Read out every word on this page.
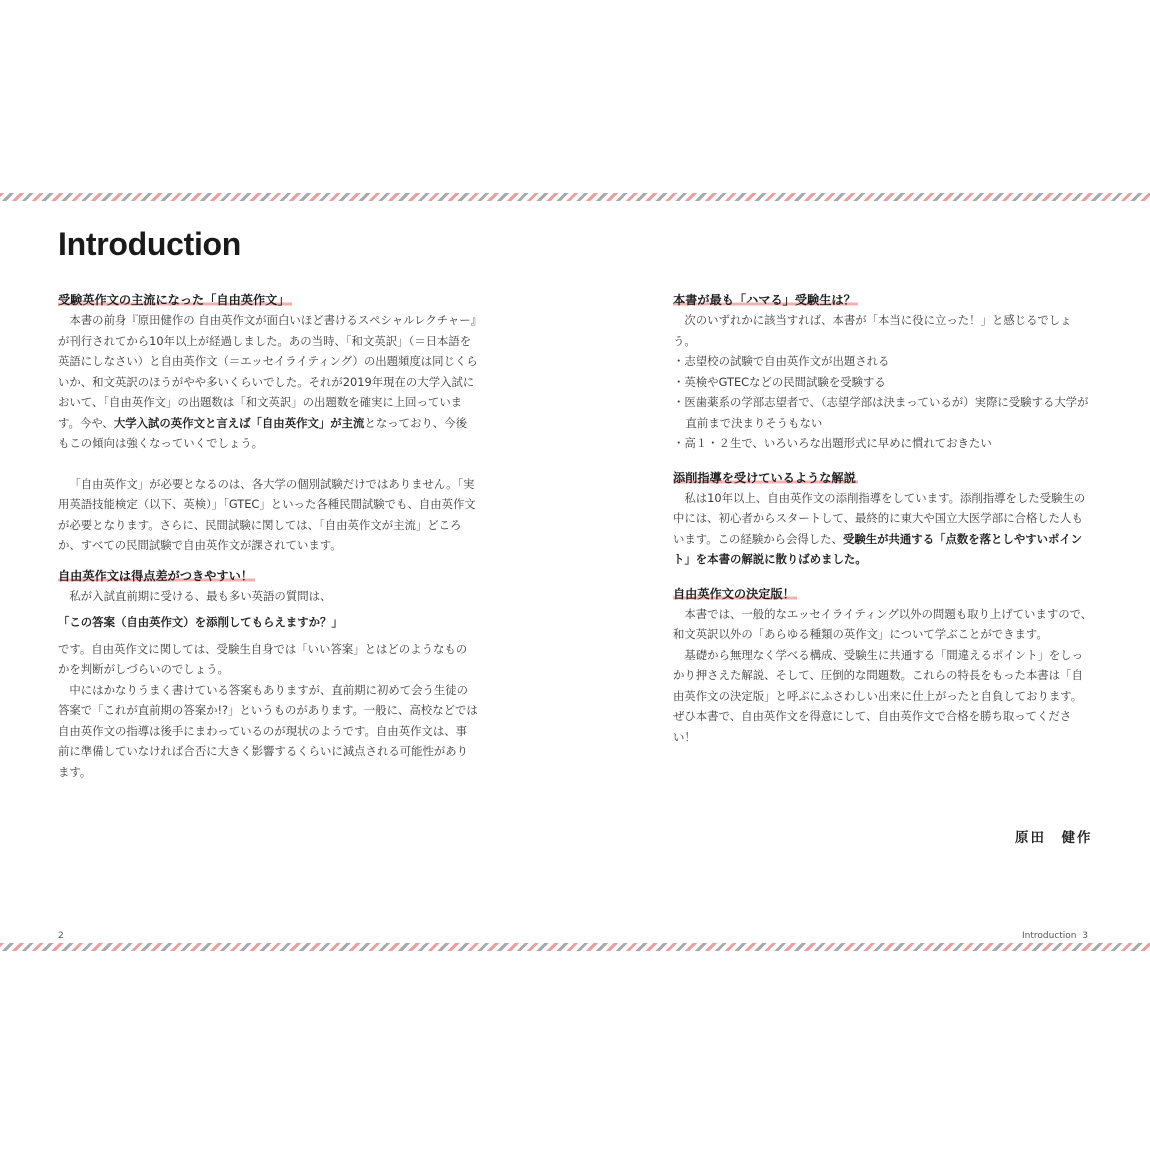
Introduction

受験英作文の主流になった「自由英作文」

本書の前身『原田健作の 自由英作文が面白いほど書けるスペシャルレクチャー』が刊行されてから10年以上が経過しました。あの当時、「和文英訳」（＝日本語を英語にしなさい）と自由英作文（＝エッセイライティング）の出題頻度は同じくらいか、和文英訳のほうがやや多いくらいでした。それが2019年現在の大学入試において、「自由英作文」の出題数は「和文英訳」の出題数を確実に上回っています。今や、大学入試の英作文と言えば「自由英作文」が主流となっており、今後もこの傾向は強くなっていくでしょう。

「自由英作文」が必要となるのは、各大学の個別試験だけではありません。「実用英語技能検定（以下、英検）」「GTEC」といった各種民間試験でも、自由英作文が必要となります。さらに、民間試験に関しては、「自由英作文が主流」どころか、すべての民間試験で自由英作文が課されています。

自由英作文は得点差がつきやすい！

私が入試直前期に受ける、最も多い英語の質問は、

「この答案（自由英作文）を添削してもらえますか？」

です。自由英作文に関しては、受験生自身では「いい答案」とはどのようなものかを判断がしづらいのでしょう。

中にはかなりうまく書けている答案もありますが、直前期に初めて会う生徒の答案で「これが直前期の答案か!?」というものがあります。一般に、高校などでは自由英作文の指導は後手にまわっているのが現状のようです。自由英作文は、事前に準備していなければ合否に大きく影響するくらいに減点される可能性があります。

本書が最も「ハマる」受験生は？

次のいずれかに該当すれば、本書が「本当に役に立った！」と感じるでしょう。

・志望校の試験で自由英作文が出題される
・英検やGTECなどの民間試験を受験する
・医歯薬系の学部志望者で、（志望学部は決まっているが）実際に受験する大学が直前まで決まりそうもない
・高１・２生で、いろいろな出題形式に早めに慣れておきたい

添削指導を受けているような解説

私は10年以上、自由英作文の添削指導をしています。添削指導をした受験生の中には、初心者からスタートして、最終的に東大や国立大医学部に合格した人もいます。この経験から会得した、受験生が共通する「点数を落としやすいポイント」を本書の解説に散りばめました。

自由英作文の決定版！

本書では、一般的なエッセイライティング以外の問題も取り上げていますので、和文英訳以外の「あらゆる種類の英作文」について学ぶことができます。

基礎から無理なく学べる構成、受験生に共通する「間違えるポイント」をしっかり押さえた解説、そして、圧倒的な問題数。これらの特長をもった本書は「自由英作文の決定版」と呼ぶにふさわしい出来に仕上がったと自負しております。ぜひ本書で、自由英作文を得意にして、自由英作文で合格を勝ち取ってください！

原田　健作
2	Introduction 3
